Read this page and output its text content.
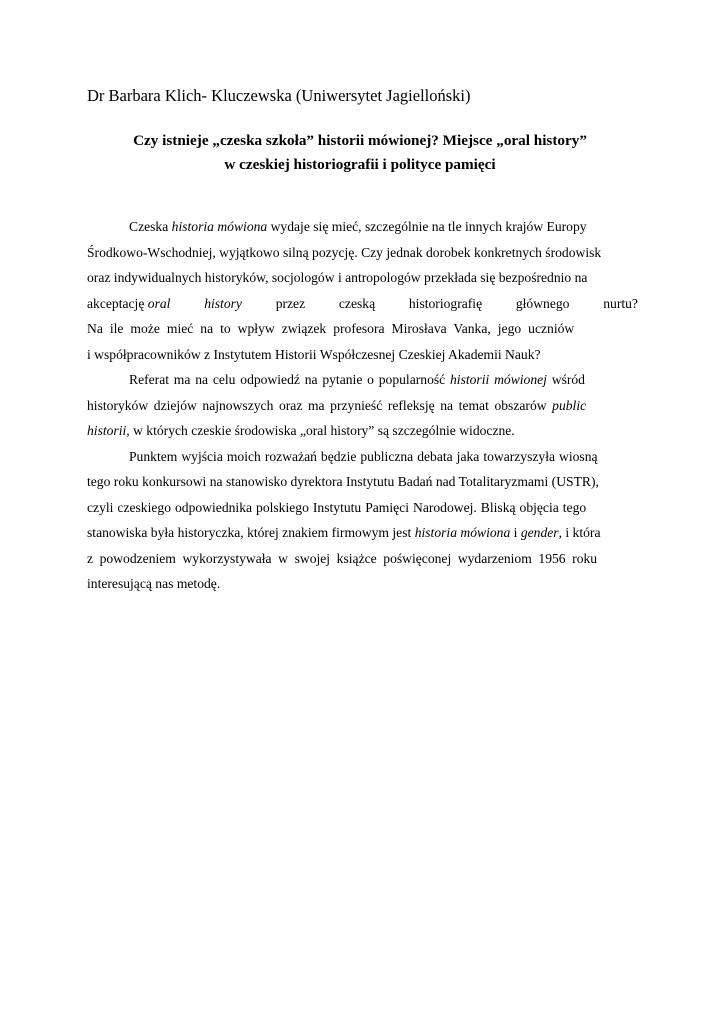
Dr Barbara Klich- Kluczewska (Uniwersytet Jagielloński)
Czy istnieje „czeska szkoła” historii mówionej? Miejsce „oral history”
w czeskiej historiografii i polityce pamięci
Czeska historia mówiona wydaje się mieć, szczególnie na tle innych krajów Europy
Środkowo-Wschodniej, wyjątkowo silną pozycję. Czy jednak dorobek konkretnych środowisk
oraz indywidualnych historyków, socjologów i antropologów przekłada się bezpośrednio na
akceptację oral history przez czeską historiografię głównego nurtu?
Na ile może mieć na to wpływ związek profesora Mirosłava Vanka, jego uczniów
i współpracowników z Instytutem Historii Współczesnej Czeskiej Akademii Nauk?
Referat ma na celu odpowiedź na pytanie o popularność historii mówionej wśród
historyków dziejów najnowszych oraz ma przynieść refleksję na temat obszarów public
historii, w których czeskie środowiska „oral history” są szczególnie widoczne.
Punktem wyjścia moich rozważań będzie publiczna debata jaka towarzyszyła wiosną
tego roku konkursowi na stanowisko dyrektora Instytutu Badań nad Totalitaryzmami (USTR),
czyli czeskiego odpowiednika polskiego Instytutu Pamięci Narodowej. Bliską objęcia tego
stanowiska była historyczka, której znakiem firmowym jest historia mówiona i gender, i która
z powodzeniem wykorzystywała w swojej książce poświęconej wydarzeniom 1956 roku
interesującą nas metodę.
